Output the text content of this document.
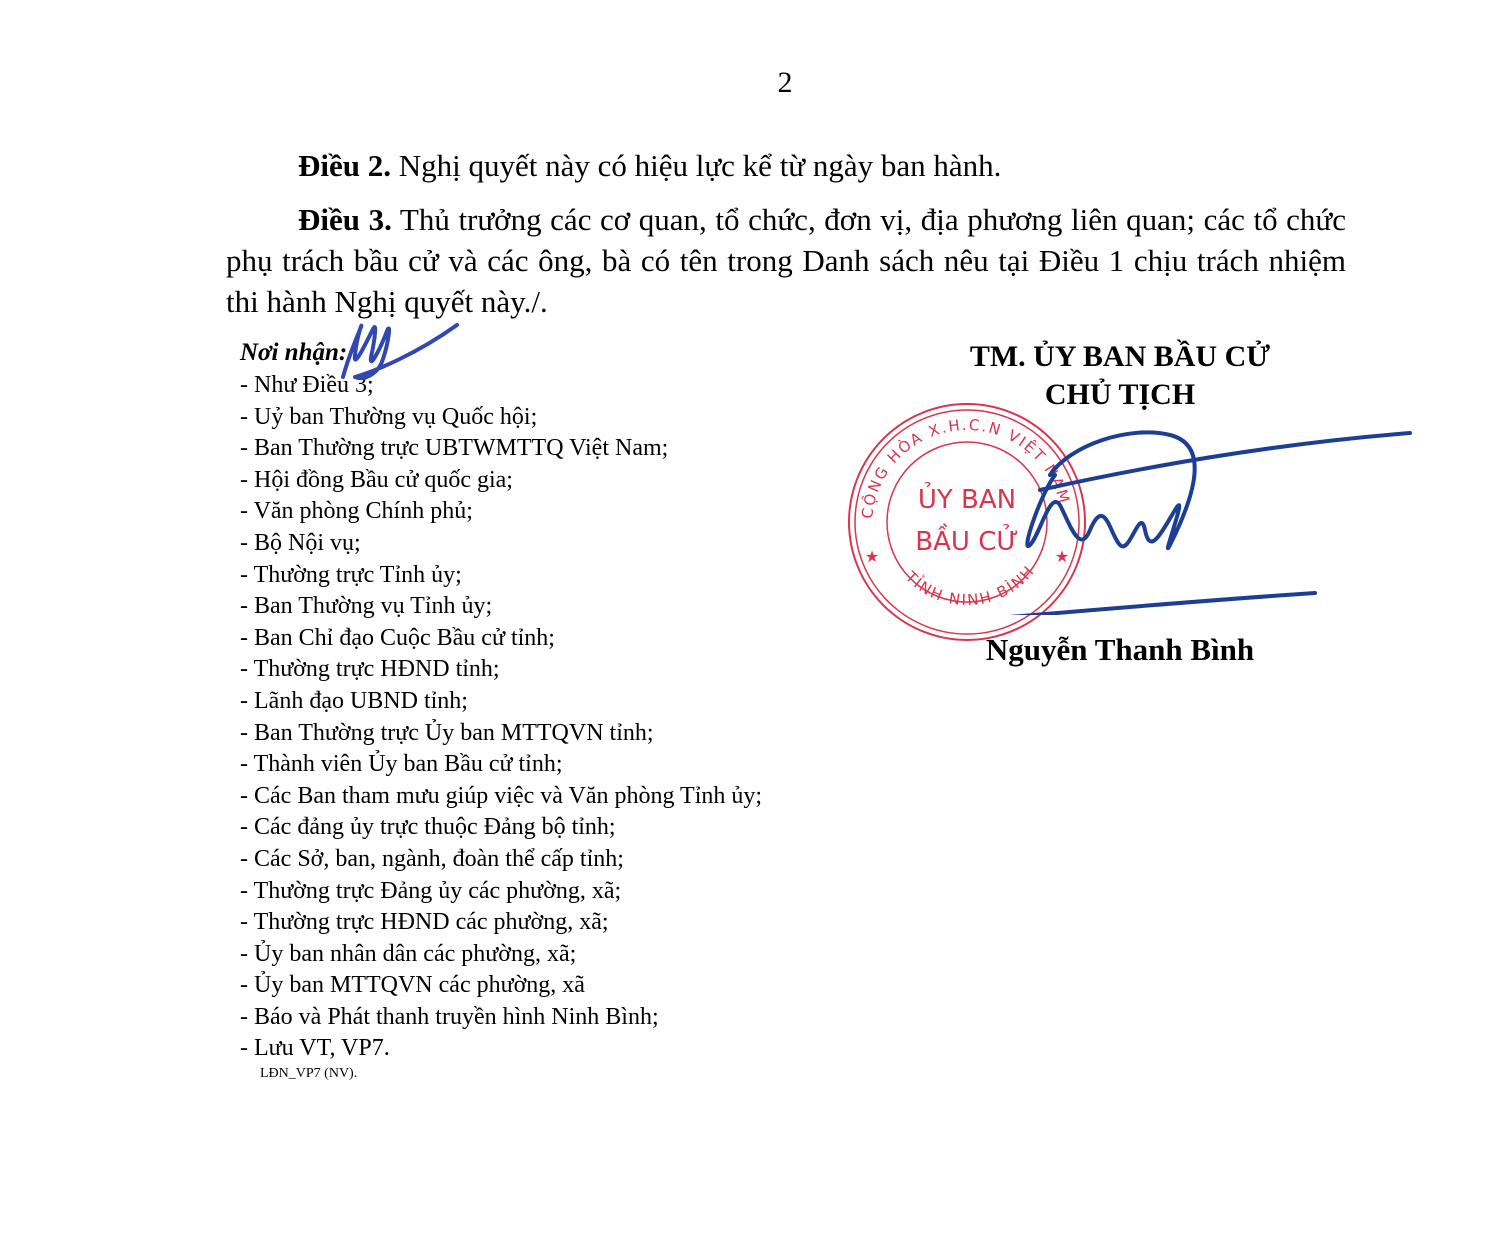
2
Điều 2. Nghị quyết này có hiệu lực kể từ ngày ban hành.
Điều 3. Thủ trưởng các cơ quan, tổ chức, đơn vị, địa phương liên quan; các tổ chức phụ trách bầu cử và các ông, bà có tên trong Danh sách nêu tại Điều 1 chịu trách nhiệm thi hành Nghị quyết này./.
Nơi nhận:
- Như Điều 3;
- Uỷ ban Thường vụ Quốc hội;
- Ban Thường trực UBTWMTTQ Việt Nam;
- Hội đồng Bầu cử quốc gia;
- Văn phòng Chính phủ;
- Bộ Nội vụ;
- Thường trực Tỉnh ủy;
- Ban Thường vụ Tỉnh ủy;
- Ban Chỉ đạo Cuộc Bầu cử tỉnh;
- Thường trực HĐND tỉnh;
- Lãnh đạo UBND tỉnh;
- Ban Thường trực Ủy ban MTTQVN tỉnh;
- Thành viên Ủy ban Bầu cử tỉnh;
- Các Ban tham mưu giúp việc và Văn phòng Tỉnh ủy;
- Các đảng ủy trực thuộc Đảng bộ tỉnh;
- Các Sở, ban, ngành, đoàn thể cấp tỉnh;
- Thường trực Đảng ủy các phường, xã;
- Thường trực HĐND các phường, xã;
- Ủy ban nhân dân các phường, xã;
- Ủy ban MTTQVN các phường, xã
- Báo và Phát thanh truyền hình Ninh Bình;
- Lưu VT, VP7.
LĐN_VP7 (NV).
TM. ỦY BAN BẦU CỬ
CHỦ TỊCH
CỘNG HÒA X.H.C.N VIỆT NAM
TỈNH NINH BÌNH
ỦY BAN
BẦU CỬ
★	★
Nguyễn Thanh Bình
